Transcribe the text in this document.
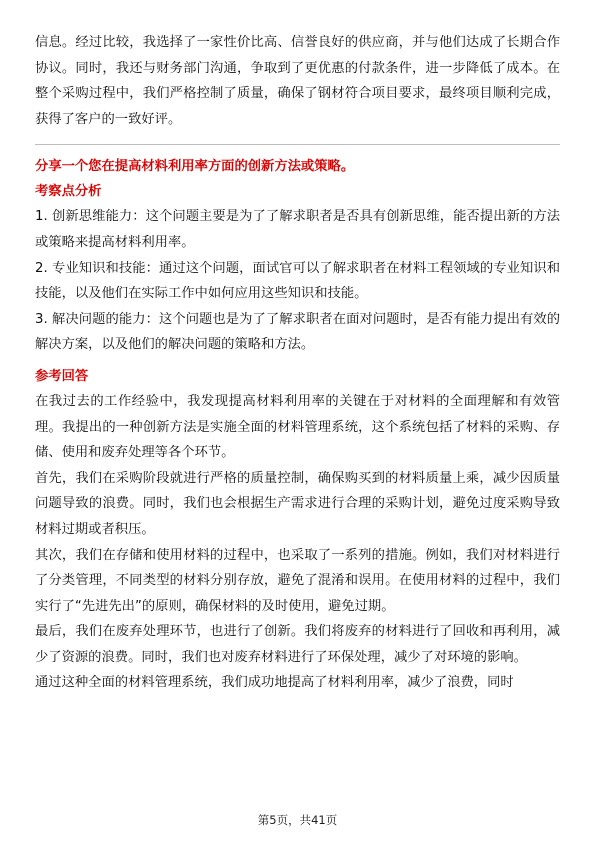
信息。经过比较，我选择了一家性价比高、信誉良好的供应商，并与他们达成了长期合作协议。同时，我还与财务部门沟通，争取到了更优惠的付款条件，进一步降低了成本。在整个采购过程中，我们严格控制了质量，确保了钢材符合项目要求，最终项目顺利完成，获得了客户的一致好评。

分享一个您在提高材料利用率方面的创新方法或策略。

考察点分析

1. 创新思维能力：这个问题主要是为了了解求职者是否具有创新思维，能否提出新的方法或策略来提高材料利用率。

2. 专业知识和技能：通过这个问题，面试官可以了解求职者在材料工程领域的专业知识和技能，以及他们在实际工作中如何应用这些知识和技能。

3. 解决问题的能力：这个问题也是为了了解求职者在面对问题时，是否有能力提出有效的解决方案，以及他们的解决问题的策略和方法。

参考回答

在我过去的工作经验中，我发现提高材料利用率的关键在于对材料的全面理解和有效管理。我提出的一种创新方法是实施全面的材料管理系统，这个系统包括了材料的采购、存储、使用和废弃处理等各个环节。

首先，我们在采购阶段就进行严格的质量控制，确保购买到的材料质量上乘，减少因质量问题导致的浪费。同时，我们也会根据生产需求进行合理的采购计划，避免过度采购导致材料过期或者积压。

其次，我们在存储和使用材料的过程中，也采取了一系列的措施。例如，我们对材料进行了分类管理，不同类型的材料分别存放，避免了混淆和误用。在使用材料的过程中，我们实行了“先进先出”的原则，确保材料的及时使用，避免过期。

最后，我们在废弃处理环节，也进行了创新。我们将废弃的材料进行了回收和再利用，减少了资源的浪费。同时，我们也对废弃材料进行了环保处理，减少了对环境的影响。

通过这种全面的材料管理系统，我们成功地提高了材料利用率，减少了浪费，同时

第5页，共41页
